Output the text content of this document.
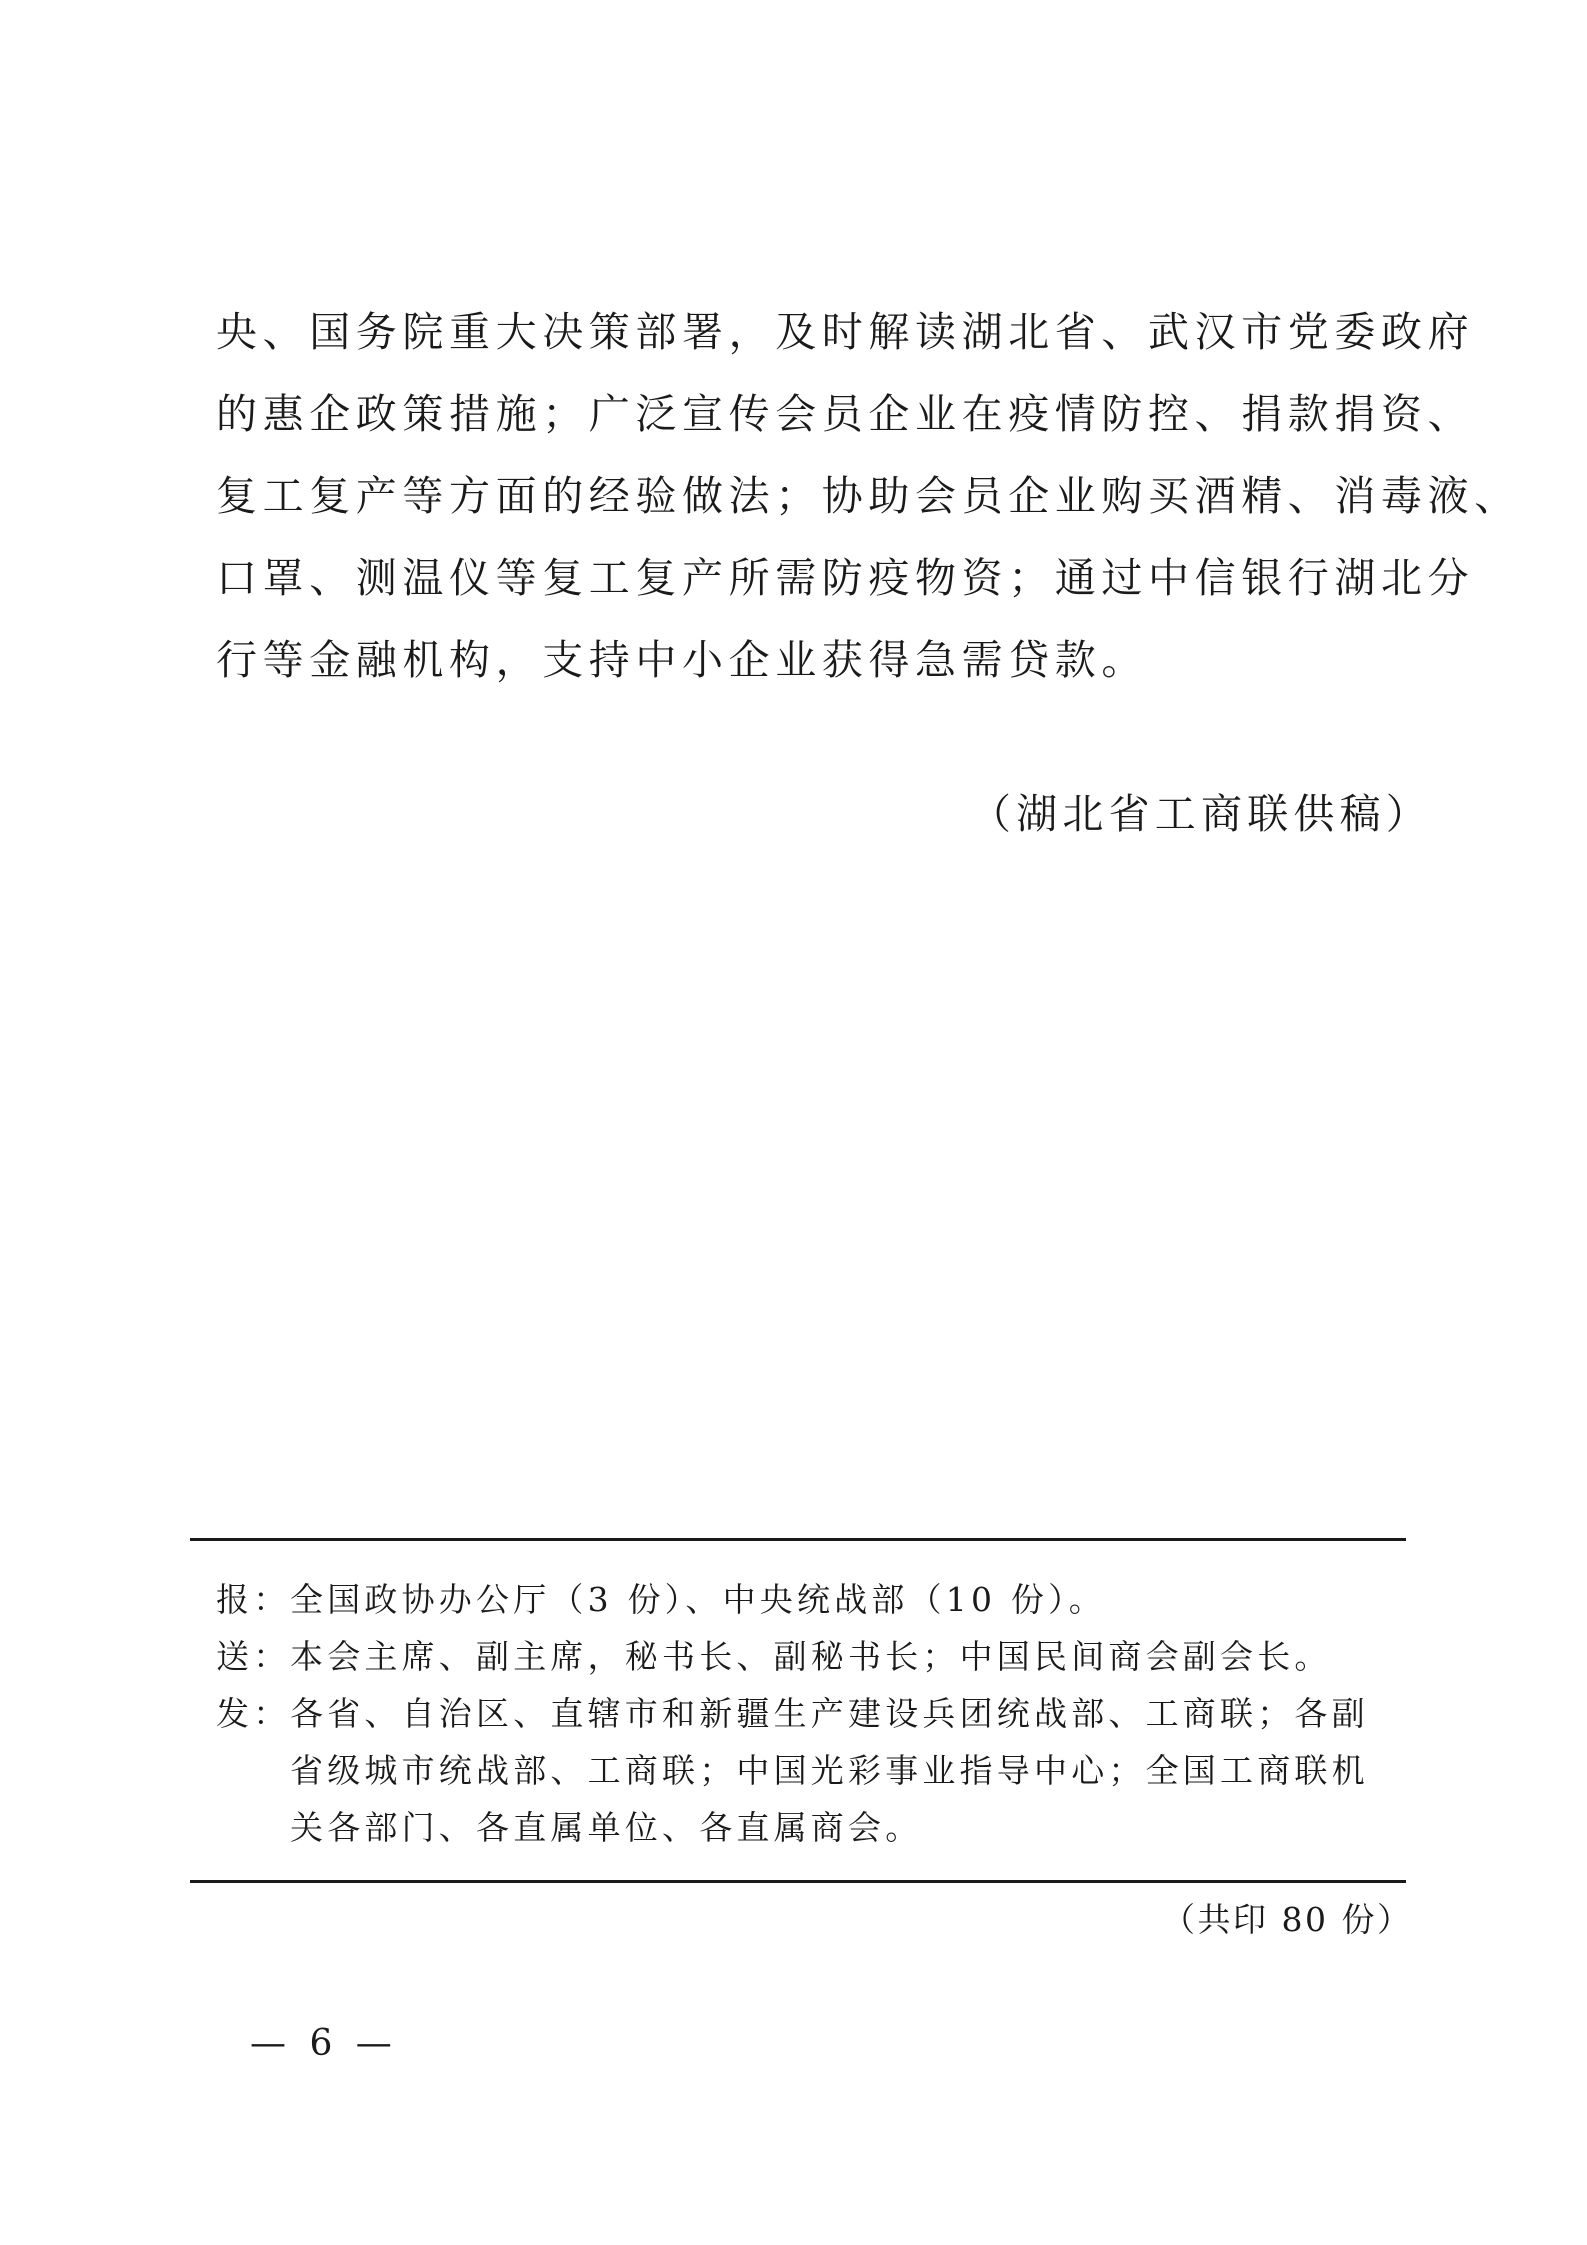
央、国务院重大决策部署，及时解读湖北省、武汉市党委政府
的惠企政策措施；广泛宣传会员企业在疫情防控、捐款捐资、
复工复产等方面的经验做法；协助会员企业购买酒精、消毒液、
口罩、测温仪等复工复产所需防疫物资；通过中信银行湖北分
行等金融机构，支持中小企业获得急需贷款。
（湖北省工商联供稿）
报： 全国政协办公厅（3 份）、中央统战部（10 份）。
送： 本会主席、副主席，秘书长、副秘书长；中国民间商会副会长。
发： 各省、自治区、直辖市和新疆生产建设兵团统战部、工商联；各副
省级城市统战部、工商联；中国光彩事业指导中心；全国工商联机
关各部门、各直属单位、各直属商会。
（共印 80 份）
— 6 —
